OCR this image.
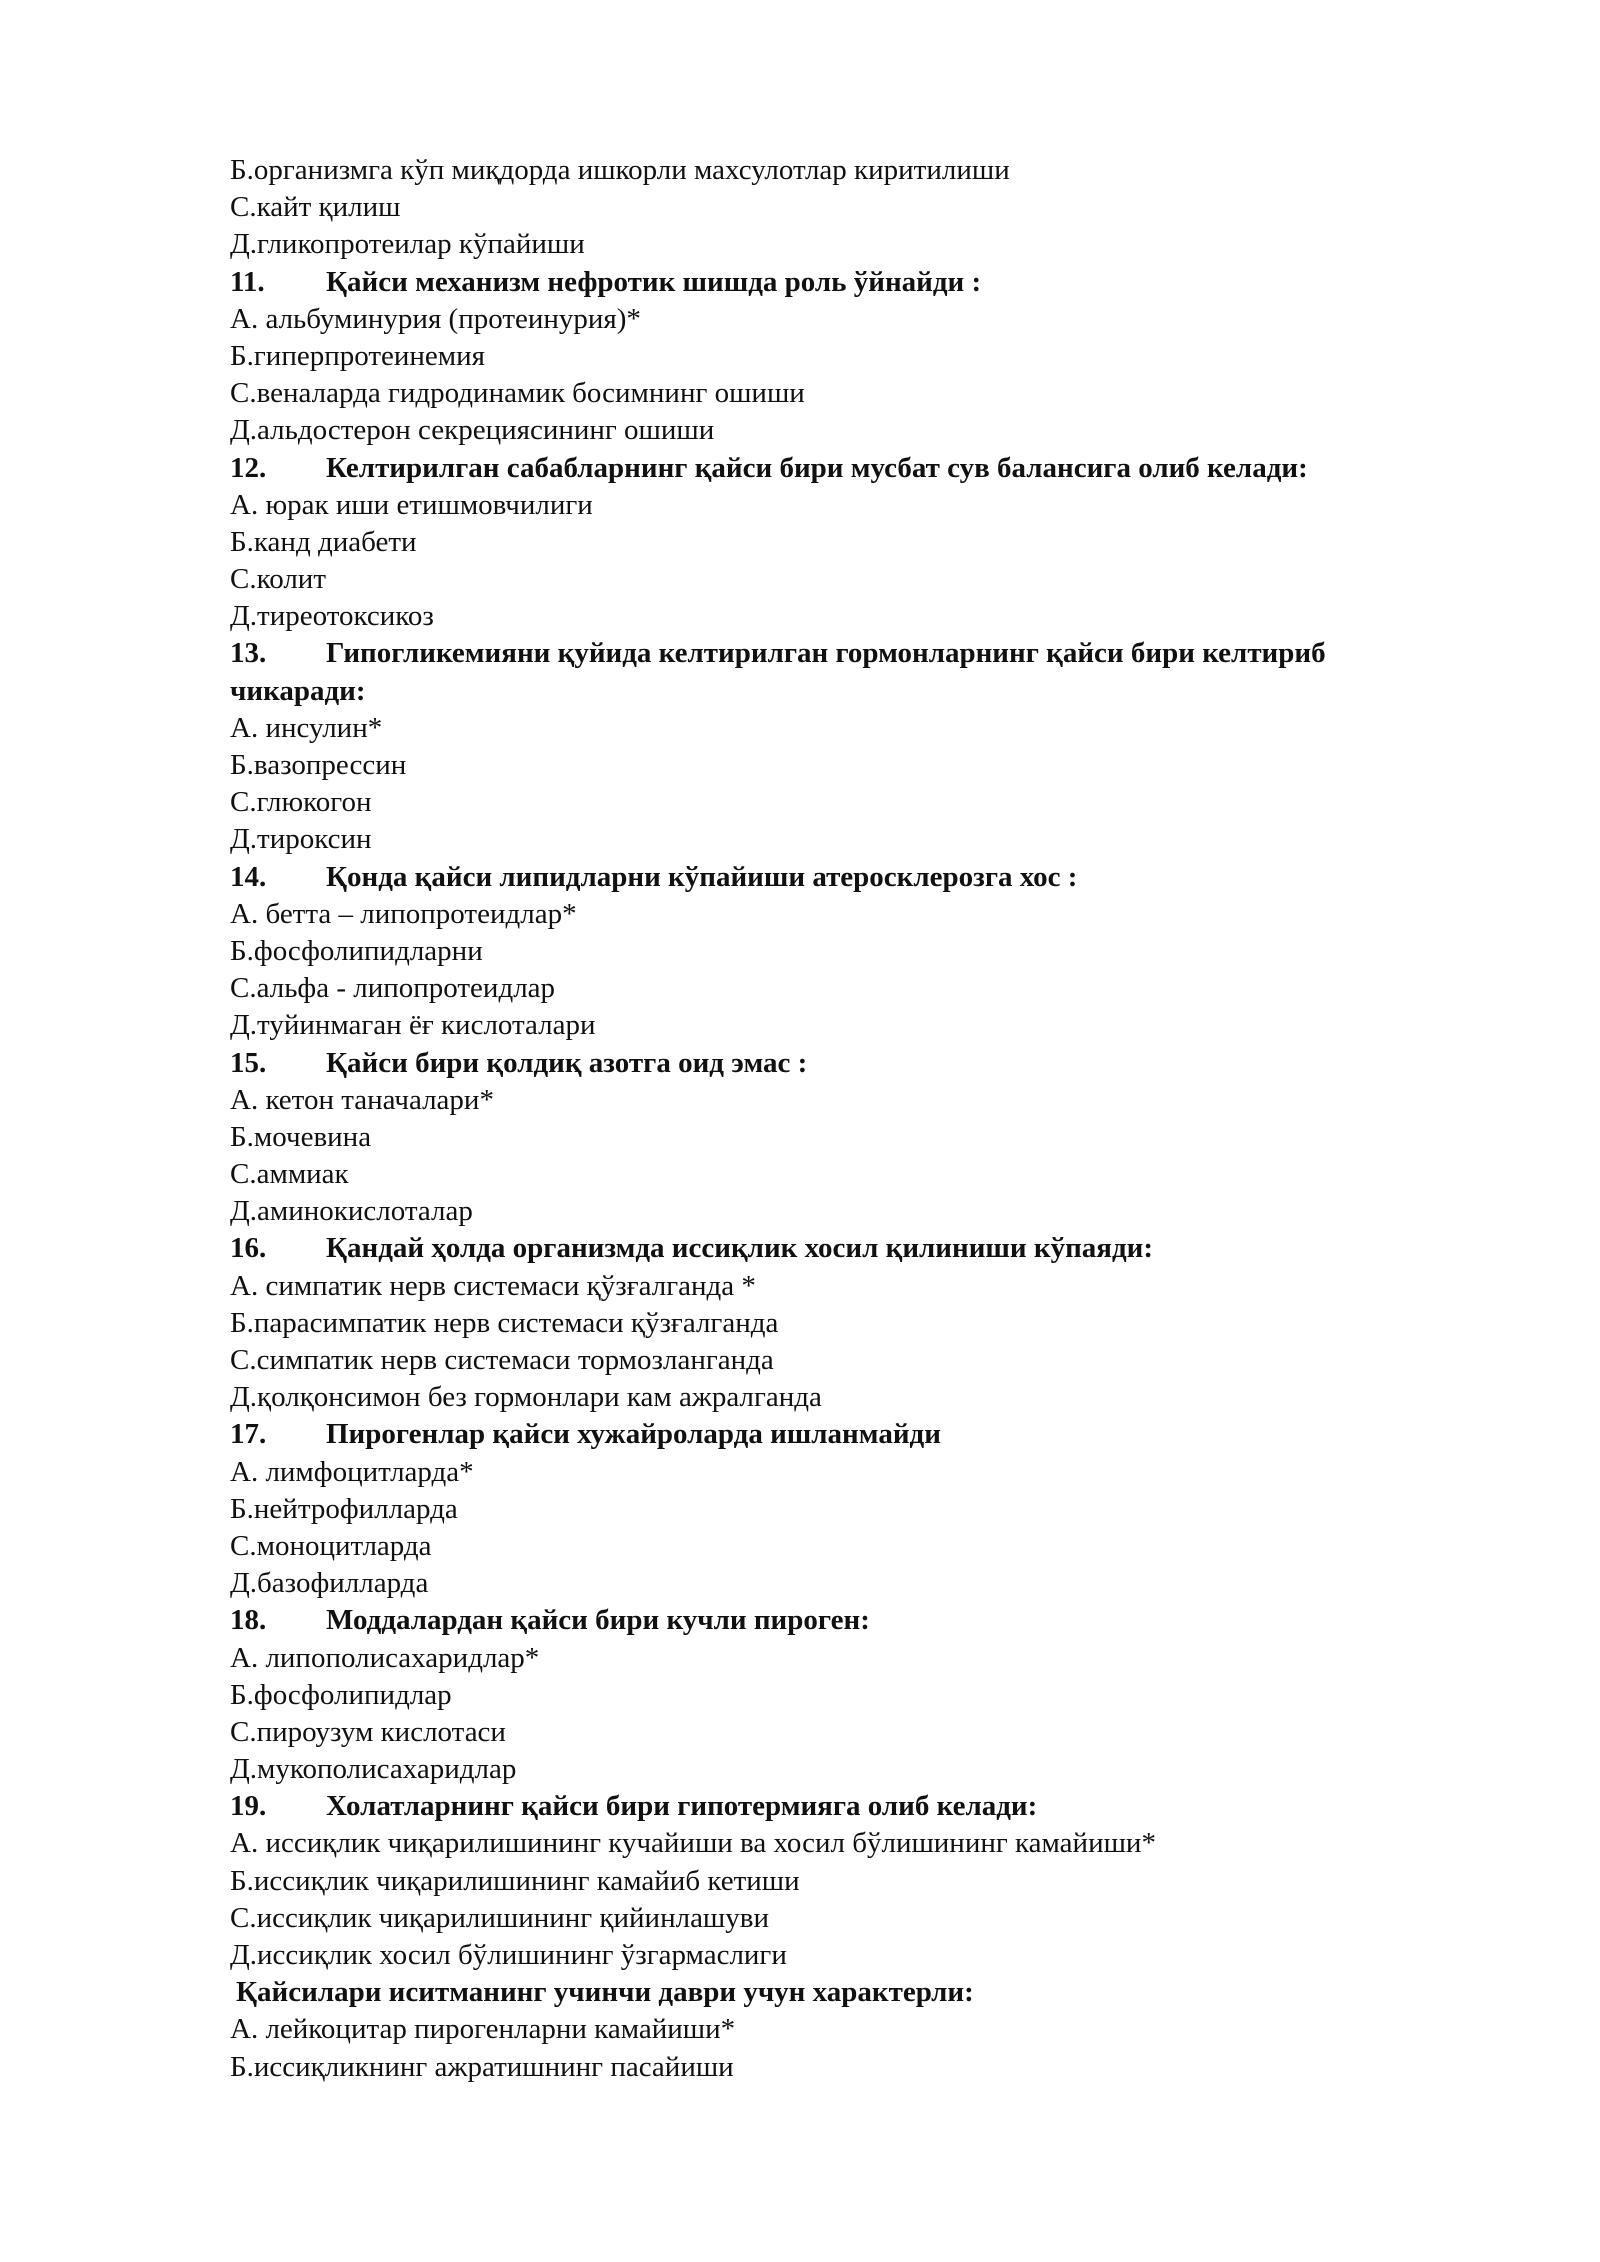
Б.организмга кўп миқдорда ишкорли махсулотлар киритилиши
С.кайт қилиш
Д.гликопротеилар кўпайиши
11.	Қайси механизм нефротик шишда роль ўйнайди :
А. альбуминурия (протеинурия)*
Б.гиперпротеинемия
С.веналарда гидродинамик босимнинг ошиши
Д.альдостерон секрециясининг ошиши
12.	Келтирилган сабабларнинг қайси бири мусбат сув балансига олиб келади:
А. юрак иши етишмовчилиги
Б.канд диабети
С.колит
Д.тиреотоксикоз
13.	Гипогликемияни қуйида келтирилган гормонларнинг қайси бири келтириб
чикаради:
А. инсулин*
Б.вазопрессин
С.глюкогон
Д.тироксин
14.	Қонда қайси липидларни кўпайиши атеросклерозга хос :
А. бетта – липопротеидлар*
Б.фосфолипидларни
С.альфа - липопротеидлар
Д.туйинмаган ёғ кислоталари
15.	Қайси бири қолдиқ азотга оид эмас :
А. кетон таначалари*
Б.мочевина
С.аммиак
Д.аминокислоталар
16.	Қандай ҳолда организмда иссиқлик хосил қилиниши кўпаяди:
А. симпатик нерв системаси қўзғалганда *
Б.парасимпатик нерв системаси қўзғалганда
С.симпатик нерв системаси тормозланганда
Д.қолқонсимон без гормонлари кам ажралганда
17.	Пирогенлар қайси хужайроларда ишланмайди
А. лимфоцитларда*
Б.нейтрофилларда
С.моноцитларда
Д.базофилларда
18.	Моддалардан қайси бири кучли пироген:
А. липополисахаридлар*
Б.фосфолипидлар
С.пироузум кислотаси
Д.мукополисахаридлар
19.	Холатларнинг қайси бири гипотермияга олиб келади:
А. иссиқлик чиқарилишининг кучайиши ва хосил бўлишининг камайиши*
Б.иссиқлик чиқарилишининг камайиб кетиши
С.иссиқлик чиқарилишининг қийинлашуви
Д.иссиқлик хосил бўлишининг ўзгармаслиги
Қайсилари иситманинг учинчи даври учун характерли:
А. лейкоцитар пирогенларни камайиши*
Б.иссиқликнинг ажратишнинг пасайиши
